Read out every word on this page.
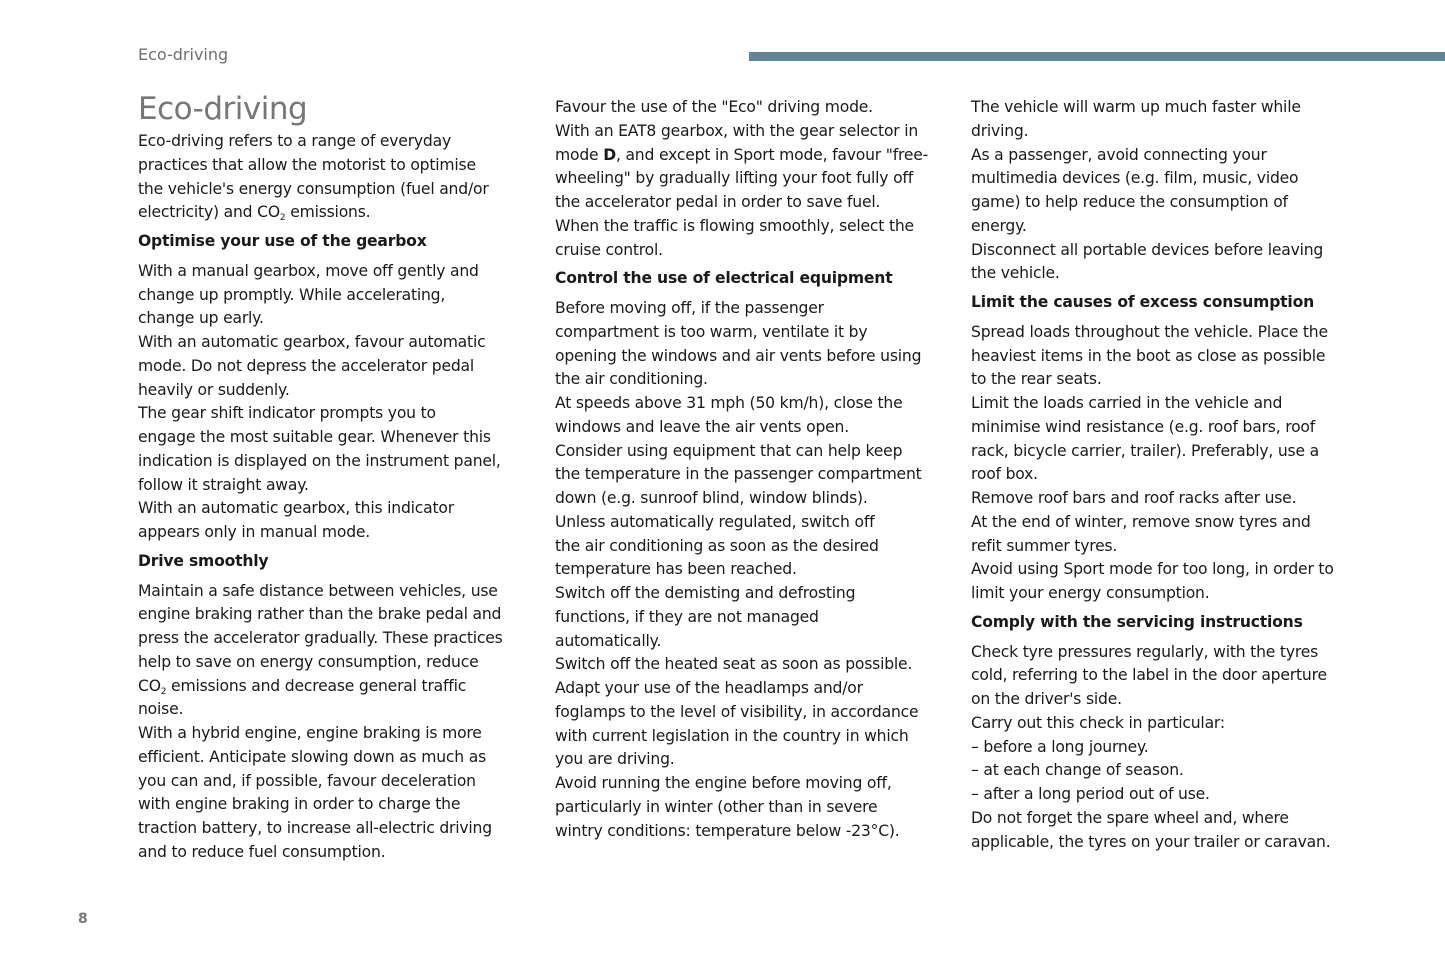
Eco-driving
Eco-driving

Eco-driving refers to a range of everyday
practices that allow the motorist to optimise
the vehicle's energy consumption (fuel and/or
electricity) and $CO_2$ emissions.

Optimise your use of the gearbox

With a manual gearbox, move off gently and
change up promptly. While accelerating,
change up early.
With an automatic gearbox, favour automatic
mode. Do not depress the accelerator pedal
heavily or suddenly.
The gear shift indicator prompts you to
engage the most suitable gear. Whenever this
indication is displayed on the instrument panel,
follow it straight away.
With an automatic gearbox, this indicator
appears only in manual mode.

Drive smoothly

Maintain a safe distance between vehicles, use
engine braking rather than the brake pedal and
press the accelerator gradually. These practices
help to save on energy consumption, reduce
$CO_2$ emissions and decrease general traffic
noise.
With a hybrid engine, engine braking is more
efficient. Anticipate slowing down as much as
you can and, if possible, favour deceleration
with engine braking in order to charge the
traction battery, to increase all-electric driving
and to reduce fuel consumption.

Favour the use of the "Eco" driving mode.
With an EAT8 gearbox, with the gear selector in
mode D, and except in Sport mode, favour "free-
wheeling" by gradually lifting your foot fully off
the accelerator pedal in order to save fuel.
When the traffic is flowing smoothly, select the
cruise control.

Control the use of electrical equipment

Before moving off, if the passenger
compartment is too warm, ventilate it by
opening the windows and air vents before using
the air conditioning.
At speeds above 31 mph (50 km/h), close the
windows and leave the air vents open.
Consider using equipment that can help keep
the temperature in the passenger compartment
down (e.g. sunroof blind, window blinds).
Unless automatically regulated, switch off
the air conditioning as soon as the desired
temperature has been reached.
Switch off the demisting and defrosting
functions, if they are not managed
automatically.
Switch off the heated seat as soon as possible.
Adapt your use of the headlamps and/or
foglamps to the level of visibility, in accordance
with current legislation in the country in which
you are driving.
Avoid running the engine before moving off,
particularly in winter (other than in severe
wintry conditions: temperature below -23°C).

The vehicle will warm up much faster while
driving.
As a passenger, avoid connecting your
multimedia devices (e.g. film, music, video
game) to help reduce the consumption of
energy.
Disconnect all portable devices before leaving
the vehicle.

Limit the causes of excess consumption

Spread loads throughout the vehicle. Place the
heaviest items in the boot as close as possible
to the rear seats.
Limit the loads carried in the vehicle and
minimise wind resistance (e.g. roof bars, roof
rack, bicycle carrier, trailer). Preferably, use a
roof box.
Remove roof bars and roof racks after use.
At the end of winter, remove snow tyres and
refit summer tyres.
Avoid using Sport mode for too long, in order to
limit your energy consumption.

Comply with the servicing instructions

Check tyre pressures regularly, with the tyres
cold, referring to the label in the door aperture
on the driver's side.
Carry out this check in particular:
– before a long journey.
– at each change of season.
– after a long period out of use.
Do not forget the spare wheel and, where
applicable, the tyres on your trailer or caravan.

8
